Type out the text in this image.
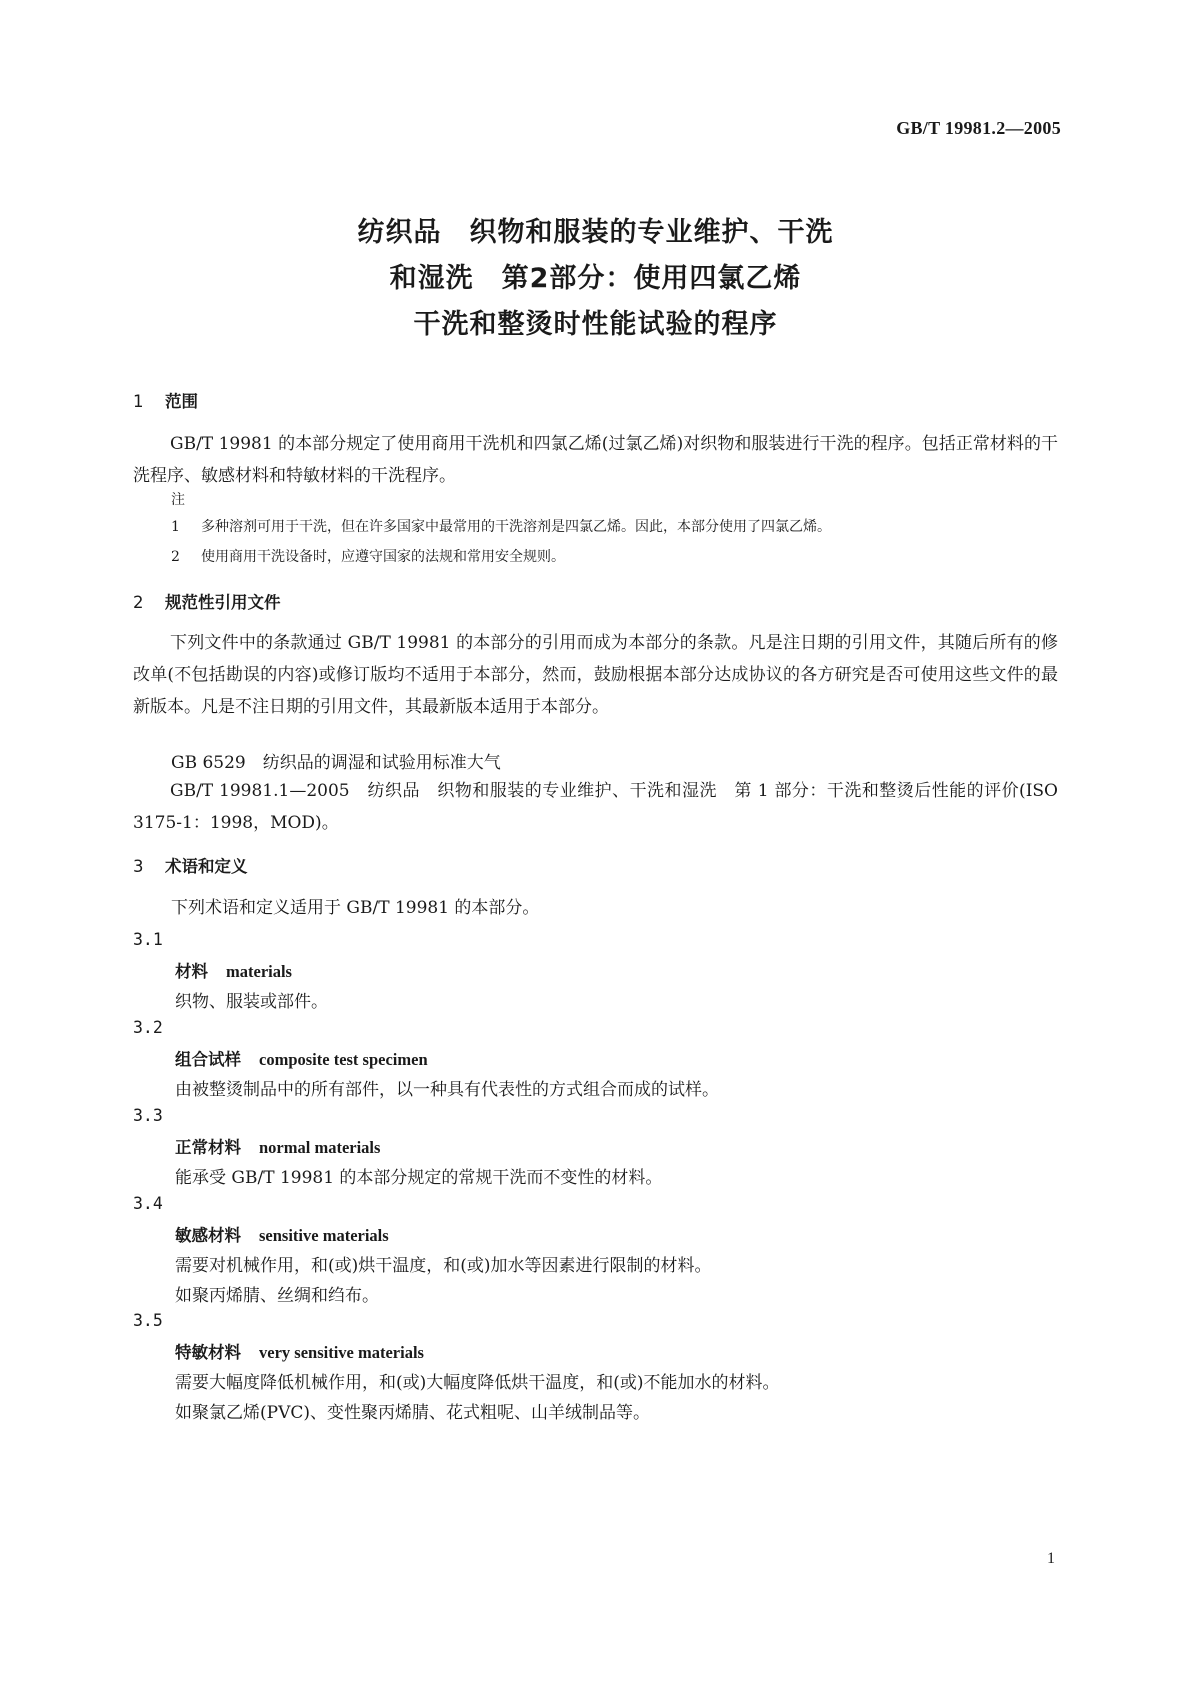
GB/T 19981.2—2005
纺织品　织物和服装的专业维护、干洗
和湿洗　第2部分：使用四氯乙烯
干洗和整烫时性能试验的程序
1 范围
GB/T 19981 的本部分规定了使用商用干洗机和四氯乙烯(过氯乙烯)对织物和服装进行干洗的程序。包括正常材料的干洗程序、敏感材料和特敏材料的干洗程序。
注
1 多种溶剂可用于干洗，但在许多国家中最常用的干洗溶剂是四氯乙烯。因此，本部分使用了四氯乙烯。
2 使用商用干洗设备时，应遵守国家的法规和常用安全规则。
2 规范性引用文件
下列文件中的条款通过 GB/T 19981 的本部分的引用而成为本部分的条款。凡是注日期的引用文件，其随后所有的修改单(不包括勘误的内容)或修订版均不适用于本部分，然而，鼓励根据本部分达成协议的各方研究是否可使用这些文件的最新版本。凡是不注日期的引用文件，其最新版本适用于本部分。
GB 6529　纺织品的调湿和试验用标准大气
GB/T 19981.1—2005　纺织品　织物和服装的专业维护、干洗和湿洗　第 1 部分：干洗和整烫后性能的评价(ISO 3175-1：1998，MOD)。
3 术语和定义
下列术语和定义适用于 GB/T 19981 的本部分。
3.1
材料 materials
织物、服装或部件。
3.2
组合试样 composite test specimen
由被整烫制品中的所有部件，以一种具有代表性的方式组合而成的试样。
3.3
正常材料 normal materials
能承受 GB/T 19981 的本部分规定的常规干洗而不变性的材料。
3.4
敏感材料 sensitive materials
需要对机械作用，和(或)烘干温度，和(或)加水等因素进行限制的材料。
如聚丙烯腈、丝绸和绉布。
3.5
特敏材料 very sensitive materials
需要大幅度降低机械作用，和(或)大幅度降低烘干温度，和(或)不能加水的材料。
如聚氯乙烯(PVC)、变性聚丙烯腈、花式粗呢、山羊绒制品等。
1
